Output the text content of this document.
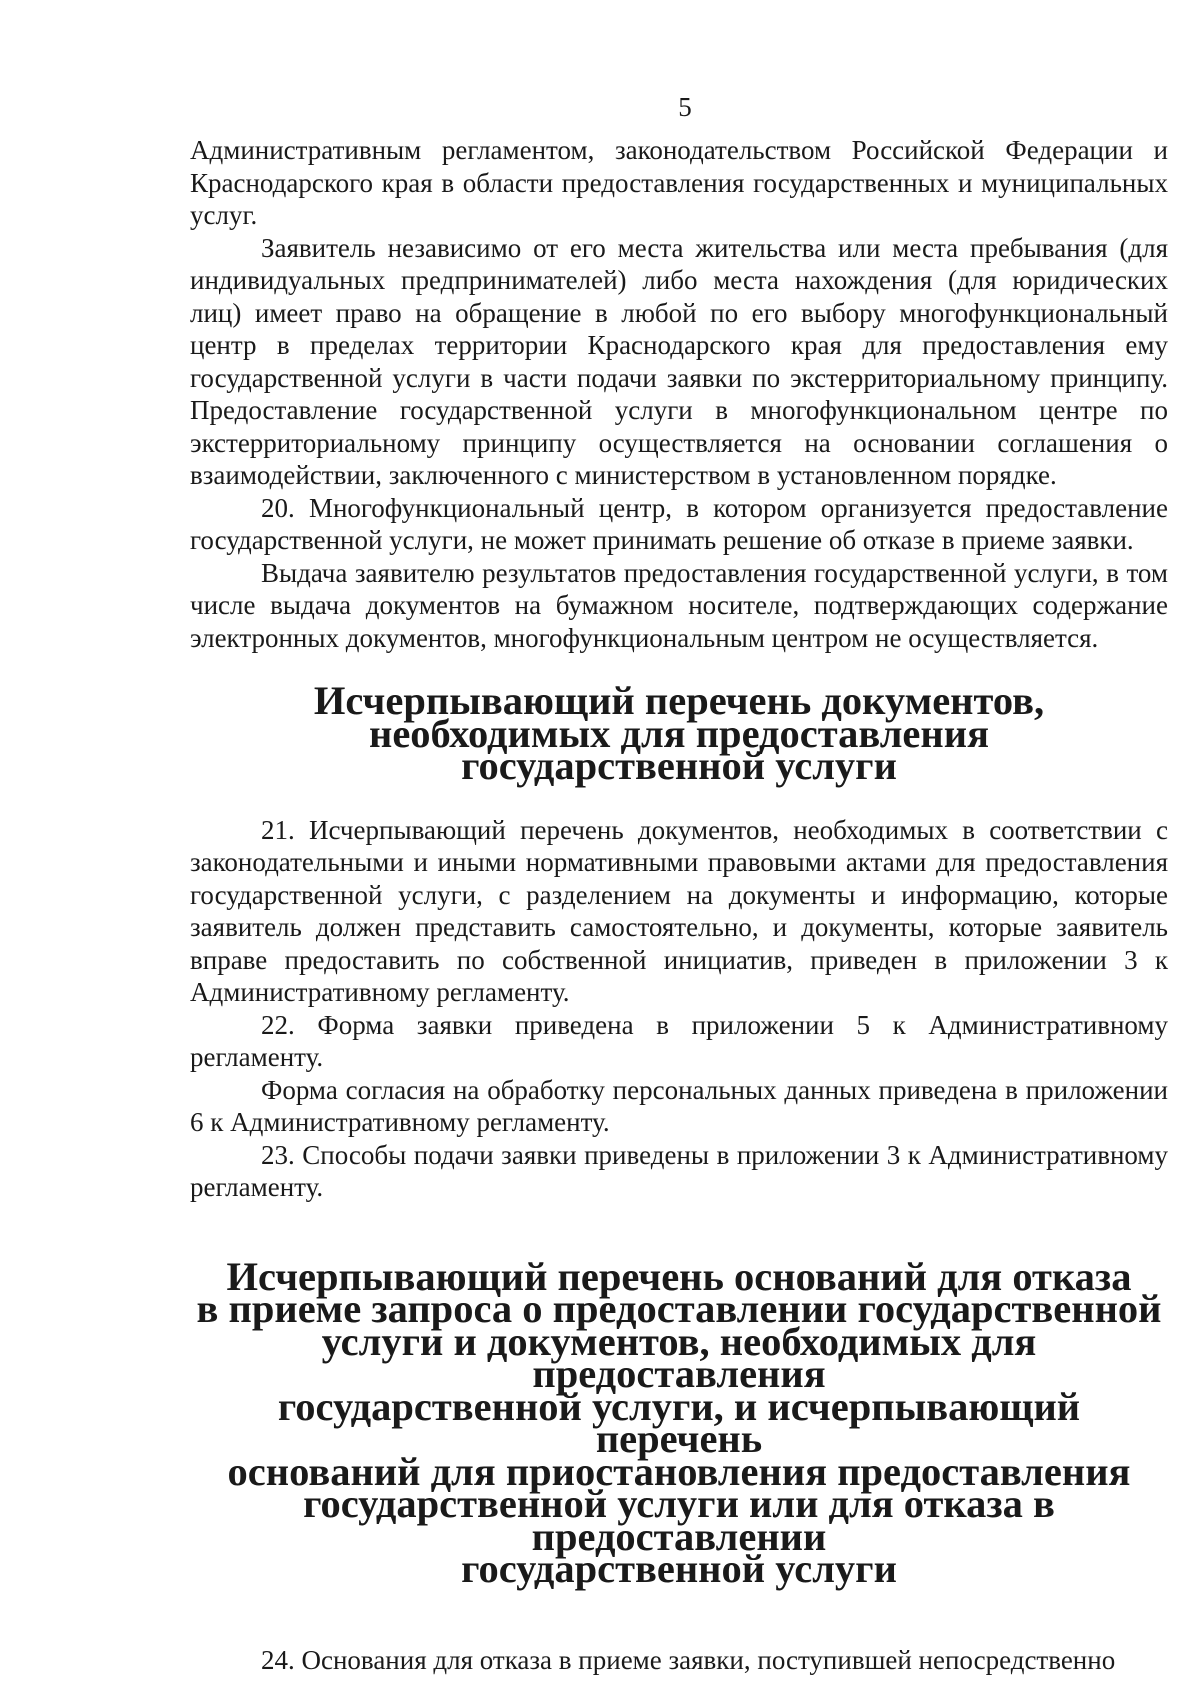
5

Административным регламентом, законодательством Российской Федерации и Краснодарского края в области предоставления государственных и муниципальных услуг.

Заявитель независимо от его места жительства или места пребывания (для индивидуальных предпринимателей) либо места нахождения (для юридических лиц) имеет право на обращение в любой по его выбору многофункциональный центр в пределах территории Краснодарского края для предоставления ему государственной услуги в части подачи заявки по экстерриториальному принципу. Предоставление государственной услуги в многофункциональном центре по экстерриториальному принципу осуществляется на основании соглашения о взаимодействии, заключенного с министерством в установленном порядке.

20. Многофункциональный центр, в котором организуется предоставление государственной услуги, не может принимать решение об отказе в приеме заявки.

Выдача заявителю результатов предоставления государственной услуги, в том числе выдача документов на бумажном носителе, подтверждающих содержание электронных документов, многофункциональным центром не осуществляется.

Исчерпывающий перечень документов,
необходимых для предоставления
государственной услуги

21. Исчерпывающий перечень документов, необходимых в соответствии с законодательными и иными нормативными правовыми актами для предоставления государственной услуги, с разделением на документы и информацию, которые заявитель должен представить самостоятельно, и документы, которые заявитель вправе предоставить по собственной инициатив, приведен в приложении 3 к Административному регламенту.

22. Форма заявки приведена в приложении 5 к Административному регламенту.

Форма согласия на обработку персональных данных приведена в приложении 6 к Административному регламенту.

23. Способы подачи заявки приведены в приложении 3 к Административному регламенту.

Исчерпывающий перечень оснований для отказа
в приеме запроса о предоставлении государственной
услуги и документов, необходимых для предоставления
государственной услуги, и исчерпывающий перечень
оснований для приостановления предоставления
государственной услуги или для отказа в предоставлении
государственной услуги

24. Основания для отказа в приеме заявки, поступившей непосредственно
